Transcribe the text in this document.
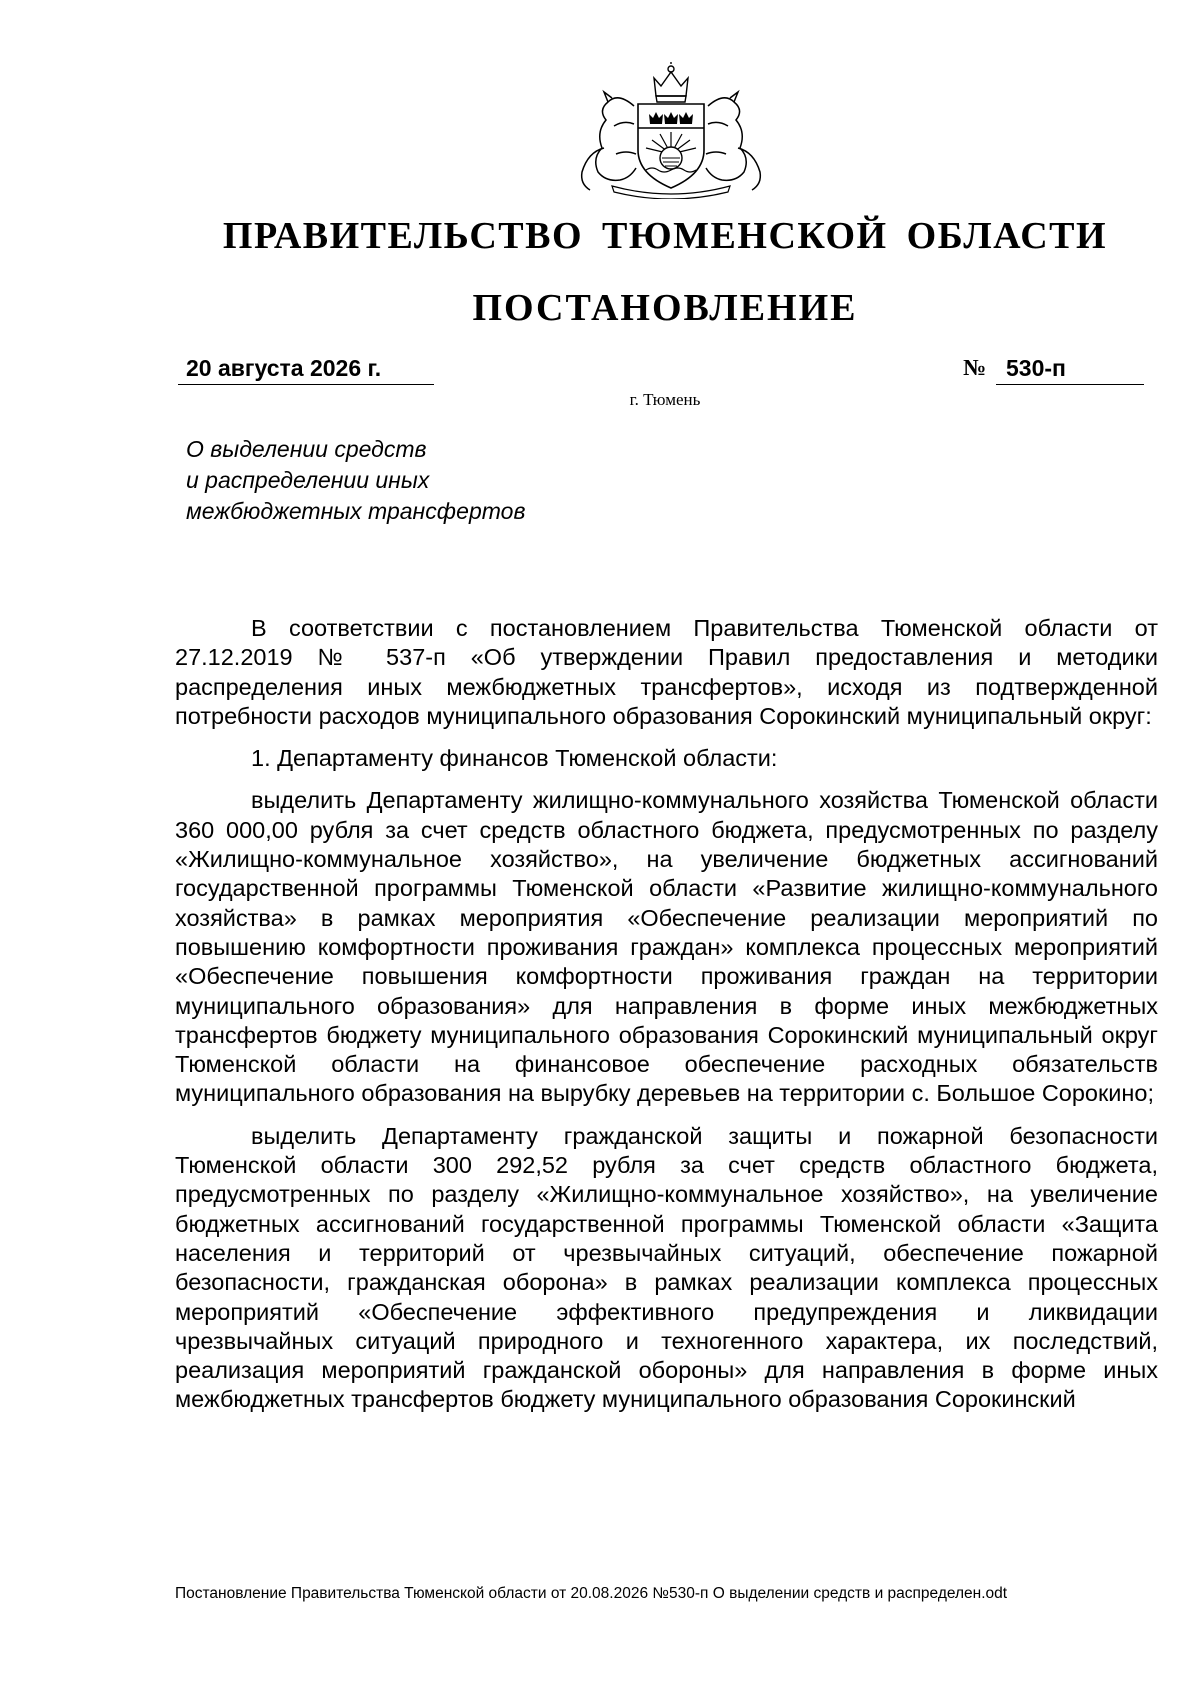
ПРАВИТЕЛЬСТВО ТЮМЕНСКОЙ ОБЛАСТИ
ПОСТАНОВЛЕНИЕ
20 августа 2026 г.	№ 530-п
г. Тюмень
О выделении средств
и распределении иных
межбюджетных трансфертов

В соответствии с постановлением Правительства Тюменской области от 27.12.2019 № 537-п «Об утверждении Правил предоставления и методики распределения иных межбюджетных трансфертов», исходя из подтвержденной потребности расходов муниципального образования Сорокинский муниципальный округ:

1. Департаменту финансов Тюменской области:

выделить Департаменту жилищно-коммунального хозяйства Тюменской области 360 000,00 рубля за счет средств областного бюджета, предусмотренных по разделу «Жилищно-коммунальное хозяйство», на увеличение бюджетных ассигнований государственной программы Тюменской области «Развитие жилищно-коммунального хозяйства» в рамках мероприятия «Обеспечение реализации мероприятий по повышению комфортности проживания граждан» комплекса процессных мероприятий «Обеспечение повышения комфортности проживания граждан на территории муниципального образования» для направления в форме иных межбюджетных трансфертов бюджету муниципального образования Сорокинский муниципальный округ Тюменской области на финансовое обеспечение расходных обязательств муниципального образования на вырубку деревьев на территории с. Большое Сорокино;

выделить Департаменту гражданской защиты и пожарной безопасности Тюменской области 300 292,52 рубля за счет средств областного бюджета, предусмотренных по разделу «Жилищно-коммунальное хозяйство», на увеличение бюджетных ассигнований государственной программы Тюменской области «Защита населения и территорий от чрезвычайных ситуаций, обеспечение пожарной безопасности, гражданская оборона» в рамках реализации комплекса процессных мероприятий «Обеспечение эффективного предупреждения и ликвидации чрезвычайных ситуаций природного и техногенного характера, их последствий, реализация мероприятий гражданской обороны» для направления в форме иных межбюджетных трансфертов бюджету муниципального образования Сорокинский

Постановление Правительства Тюменской области от 20.08.2026 №530-п О выделении средств и распределен.odt
